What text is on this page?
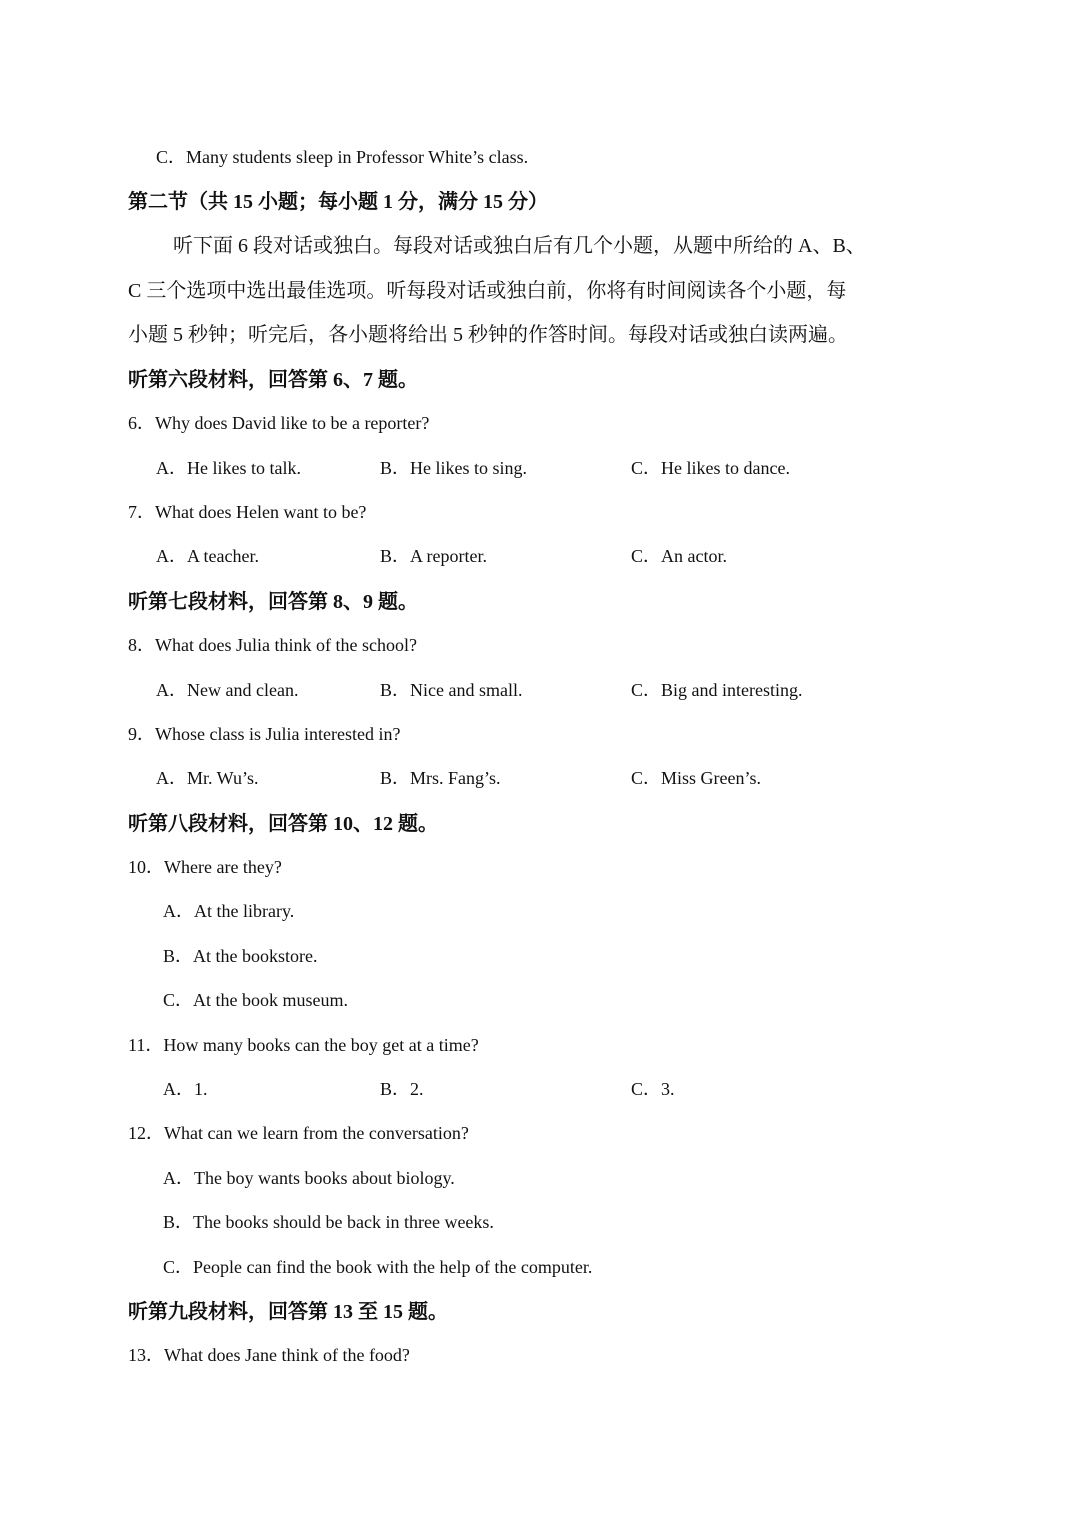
C．Many students sleep in Professor White’s class.
第二节（共 15 小题；每小题 1 分，满分 15 分）
听下面 6 段对话或独白。每段对话或独白后有几个小题，从题中所给的 A、B、
C 三个选项中选出最佳选项。听每段对话或独白前，你将有时间阅读各个小题，每
小题 5 秒钟；听完后，各小题将给出 5 秒钟的作答时间。每段对话或独白读两遍。
听第六段材料，回答第 6、7 题。
6．Why does David like to be a reporter?
A．He likes to talk.	B．He likes to sing.	C．He likes to dance.
7．What does Helen want to be?
A．A teacher.	B．A reporter.	C．An actor.
听第七段材料，回答第 8、9 题。
8．What does Julia think of the school?
A．New and clean.	B．Nice and small.	C．Big and interesting.
9．Whose class is Julia interested in?
A．Mr. Wu’s.	B．Mrs. Fang’s.	C．Miss Green’s.
听第八段材料，回答第 10、12 题。
10．Where are they?
A．At the library.
B．At the bookstore.
C．At the book museum.
11．How many books can the boy get at a time?
A．1.	B．2.	C．3.
12．What can we learn from the conversation?
A．The boy wants books about biology.
B．The books should be back in three weeks.
C．People can find the book with the help of the computer.
听第九段材料，回答第 13 至 15 题。
13．What does Jane think of the food?
